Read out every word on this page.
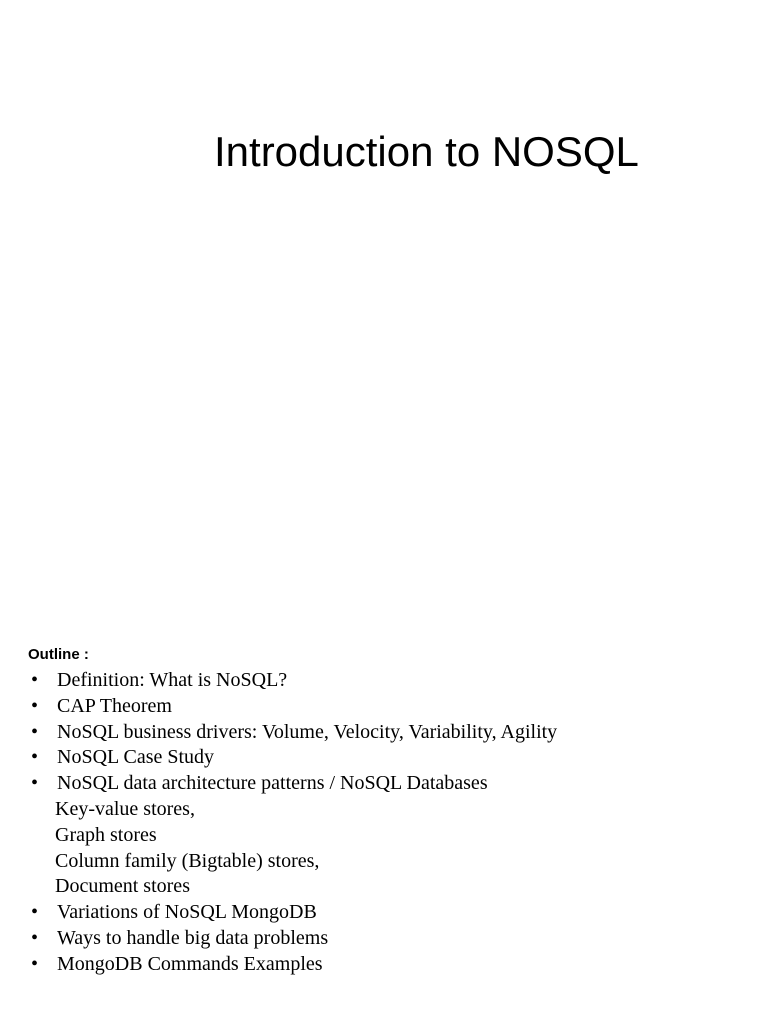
Introduction to NOSQL
Outline :
• Definition: What is NoSQL?
• CAP Theorem
• NoSQL business drivers: Volume, Velocity, Variability, Agility
• NoSQL Case Study
• NoSQL data architecture patterns / NoSQL Databases
Key-value stores,
Graph stores
Column family (Bigtable) stores,
Document stores
• Variations of NoSQL MongoDB
• Ways to handle big data problems
• MongoDB Commands Examples
